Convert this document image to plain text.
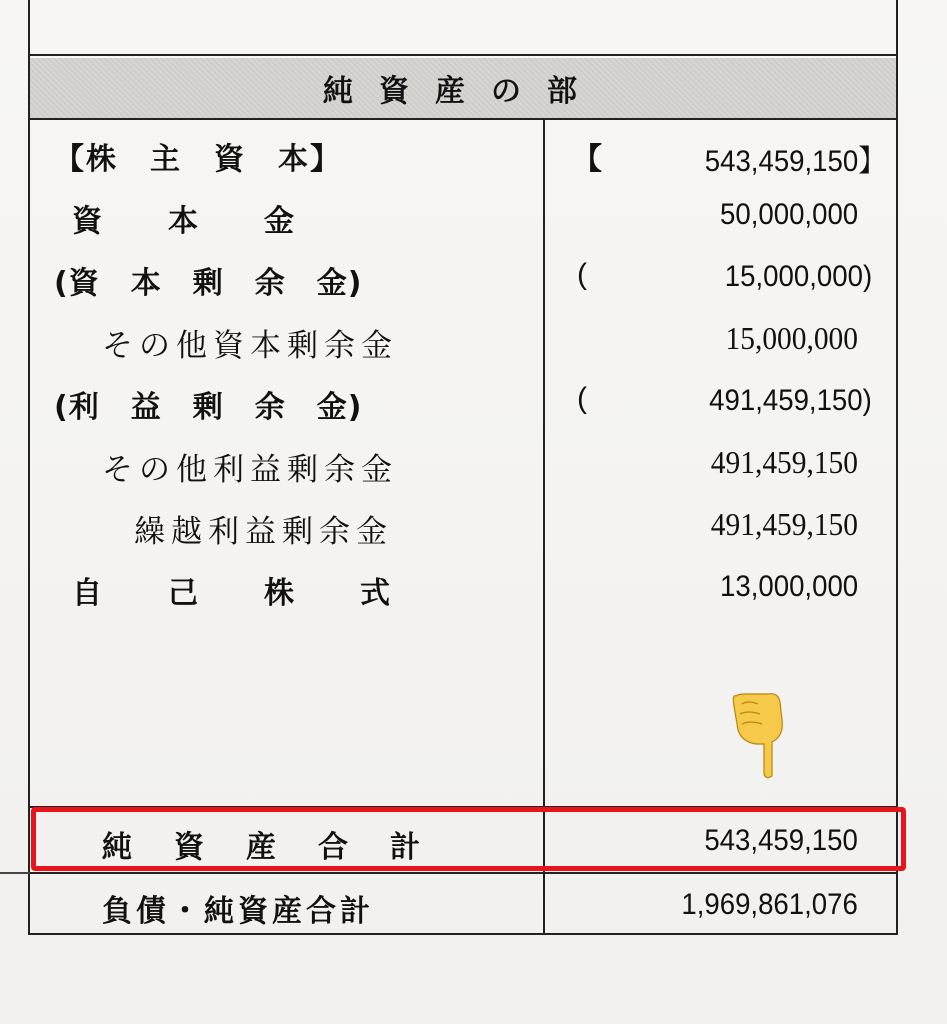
純資産の部
【株　主　資　本】	【	543,459,150】
資　　本　　金	50,000,000
(資　本　剰　余　金)	(	15,000,000)
その他資本剰余金	15,000,000
(利　益　剰　余　金)	(	491,459,150)
その他利益剰余金	491,459,150
繰越利益剰余金	491,459,150
自　　己　　株　　式	13,000,000
純　資　産　合　計	543,459,150
負債・純資産合計	1,969,861,076
